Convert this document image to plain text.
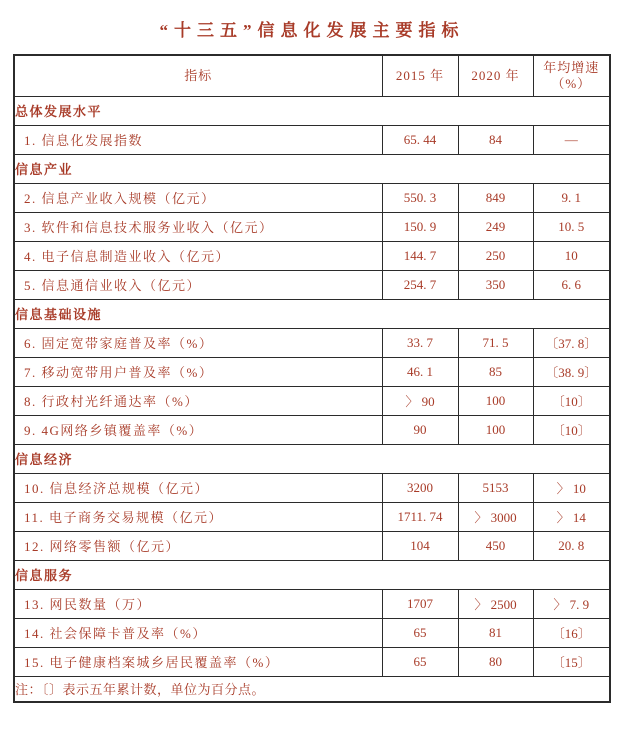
“十三五”信息化发展主要指标
指标	2015 年	2020 年	年均增速
（%）

总体发展水平			
1. 信息化发展指数	65. 44	84	—
信息产业			
2. 信息产业收入规模（亿元）	550. 3	849	9. 1
3. 软件和信息技术服务业收入（亿元）	150. 9	249	10. 5
4. 电子信息制造业收入（亿元）	144. 7	250	10
5. 信息通信业收入（亿元）	254. 7	350	6. 6
信息基础设施			
6. 固定宽带家庭普及率（%）	33. 7	71. 5	〔37. 8〕
7. 移动宽带用户普及率（%）	46. 1	85	〔38. 9〕
8. 行政村光纤通达率（%）	〉 90	100	〔10〕
9. 4G网络乡镇覆盖率（%）	90	100	〔10〕
信息经济			
10. 信息经济总规模（亿元）	3200	5153	〉 10
11. 电子商务交易规模（亿元）	1711. 74	〉 3000	〉 14
12. 网络零售额（亿元）	104	450	20. 8
信息服务			
13. 网民数量（万）	1707	〉 2500	〉 7. 9
14. 社会保障卡普及率（%）	65	81	〔16〕
15. 电子健康档案城乡居民覆盖率（%）	65	80	〔15〕
注：〔〕表示五年累计数，单位为百分点。			
